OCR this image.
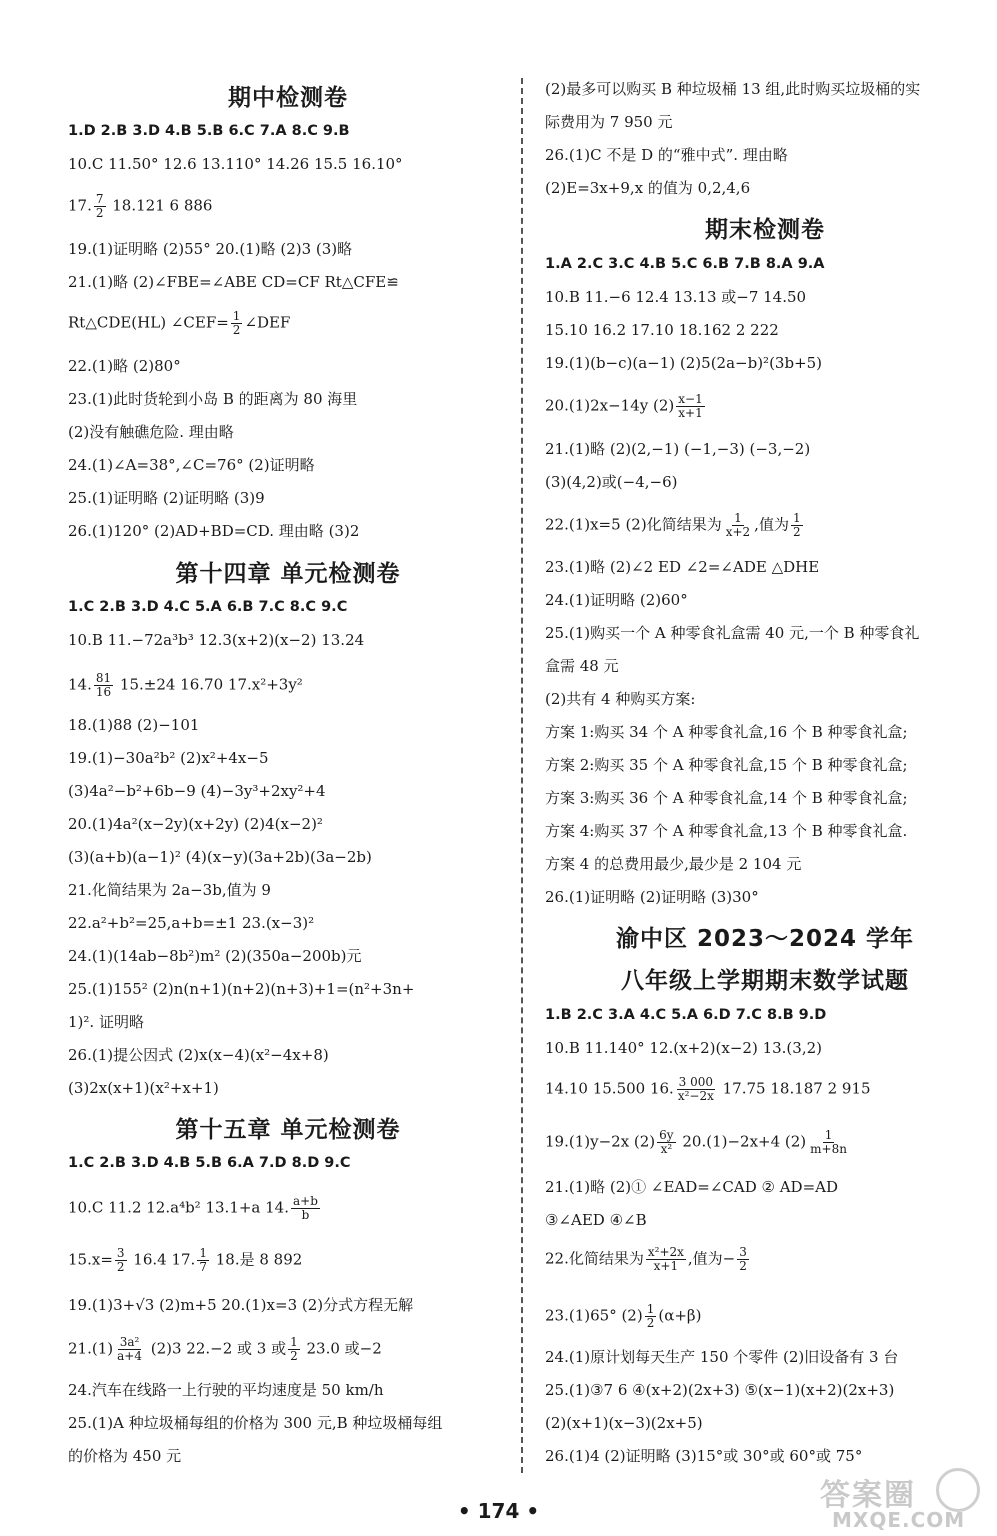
期中检测卷
1.D 2.B 3.D 4.B 5.B 6.C 7.A 8.C 9.B
10.C 11.50° 12.6 13.110° 14.26 15.5 16.10°
17. $\frac{7}{2} 18.121$ 6 886
19.(1)证明略 (2)55° 20.(1)略 (2)3 (3)略
21.(1)略 (2)∠FBE=∠ABE CD=CF Rt△CFE≌
Rt△CDE(HL) ∠CEF= $\frac{1}{2}$ ∠DEF
22.(1)略 (2)80°
23.(1)此时货轮到小岛 B 的距离为 80 海里
(2)没有触礁危险. 理由略
24.(1)∠A=38°,∠C=76° (2)证明略
25.(1)证明略 (2)证明略 (3)9
26.(1)120° (2)AD+BD=CD. 理由略 (3)2
第十四章 单元检测卷
1.C 2.B 3.D 4.C 5.A 6.B 7.C 8.C 9.C
10.B 11.−72a³b³ 12.3(x+2)(x−2) 13.24
14. $\frac{81}{16} 15.\pm 24$ 16.70 17.x²+3y²
18.(1)88 (2)−101
19.(1)−30a²b² (2)x²+4x−5
(3)4a²−b²+6b−9 (4)−3y³+2xy²+4
20.(1)4a²(x−2y)(x+2y) (2)4(x−2)²
(3)(a+b)(a−1)² (4)(x−y)(3a+2b)(3a−2b)
21.化简结果为 2a−3b,值为 9
22.a²+b²=25,a+b=±1 23.(x−3)²
24.(1)(14ab−8b²)m² (2)(350a−200b)元
25.(1)155² (2)n(n+1)(n+2)(n+3)+1=(n²+3n+
1)². 证明略
26.(1)提公因式 (2)x(x−4)(x²−4x+8)
(3)2x(x+1)(x²+x+1)
第十五章 单元检测卷
1.C 2.B 3.D 4.B 5.B 6.A 7.D 8.D 9.C
10.C 11.2 12.a⁴b² 13.1+a 14. $\frac{a+b}{b}$
$15.x= \frac{3}{2} 16.4$ 17. $\frac{1}{7} 18$.是 8 892
19.(1)3+√3 (2)m+5 20.(1)x=3 (2)分式方程无解
$21.(1) \frac{\text{3a²}}{a+4} (2)3$ 22.−2 或 3 或 $\frac{1}{2} 23.0$ 或−2
24.汽车在线路一上行驶的平均速度是 50 km/h
25.(1)A 种垃圾桶每组的价格为 300 元,B 种垃圾桶每组
的价格为 450 元
(2)最多可以购买 B 种垃圾桶 13 组,此时购买垃圾桶的实
际费用为 7 950 元
26.(1)C 不是 D 的“雅中式”. 理由略
(2)E=3x+9,x 的值为 0,2,4,6
期末检测卷
1.A 2.C 3.C 4.B 5.C 6.B 7.B 8.A 9.A
10.B 11.−6 12.4 13.13 或−7 14.50
15.10 16.2 17.10 18.162 2 222
19.(1)(b−c)(a−1) (2)5(2a−b)²(3b+5)
20.(1)2x−14y $(2) \frac{x-1}{x+1}$
21.(1)略 (2)(2,−1) (−1,−3) (−3,−2)
(3)(4,2)或(−4,−6)
22.(1)x=5 (2)化简结果为 $\frac{1}{x+2}$ ,值为 $\frac{1}{2}$
23.(1)略 (2)∠2 ED ∠2=∠ADE △DHE
24.(1)证明略 (2)60°
25.(1)购买一个 A 种零食礼盒需 40 元,一个 B 种零食礼
盒需 48 元
(2)共有 4 种购买方案:
方案 1:购买 34 个 A 种零食礼盒,16 个 B 种零食礼盒;
方案 2:购买 35 个 A 种零食礼盒,15 个 B 种零食礼盒;
方案 3:购买 36 个 A 种零食礼盒,14 个 B 种零食礼盒;
方案 4:购买 37 个 A 种零食礼盒,13 个 B 种零食礼盒.
方案 4 的总费用最少,最少是 2 104 元
26.(1)证明略 (2)证明略 (3)30°
渝中区 2023～2024 学年
八年级上学期期末数学试题
1.B 2.C 3.A 4.C 5.A 6.D 7.C 8.B 9.D
10.B 11.140° 12.(x+2)(x−2) 13.(3,2)
14.10 15.500 16. $\frac{3 000}{\text{x²−2x}} 17.75$ 18.187 2 915
19.(1)y−2x $(2) \frac{6y}{\text{x²}} 20.(1)-2x+4$ $(2) \frac{1}{m+8n}$
21.(1)略 (2)① ∠EAD=∠CAD ② AD=AD
③∠AED ④∠B
22.化简结果为 $\frac{\text{x²+2x}}{x+1}$ ,值为− $\frac{3}{2}$
23.(1)65° $(2) \frac{1}{2} (\alpha+\beta)$
24.(1)原计划每天生产 150 个零件 (2)旧设备有 3 台
25.(1)③7 6 ④(x+2)(2x+3) ⑤(x−1)(x+2)(2x+3)
(2)(x+1)(x−3)(2x+5)
26.(1)4 (2)证明略 (3)15°或 30°或 60°或 75°
• 174 •	答案圈
MXQE.COM
